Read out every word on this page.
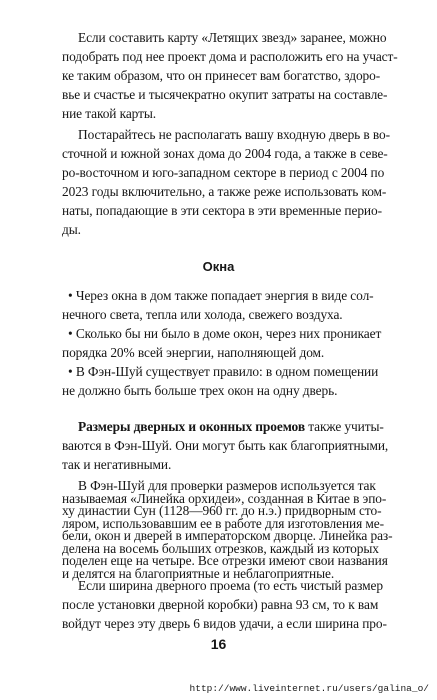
Если составить карту «Летящих звезд» заранее, можно
подобрать под нее проект дома и расположить его на участ-
ке таким образом, что он принесет вам богатство, здоро-
вье и счастье и тысячекратно окупит затраты на составле-
ние такой карты.
Постарайтесь не располагать вашу входную дверь в во-
сточной и южной зонах дома до 2004 года, а также в севе-
ро-восточном и юго-западном секторе в период с 2004 по
2023 годы включительно, а также реже использовать ком-
наты, попадающие в эти сектора в эти временные перио-
ды.
Окна
• Через окна в дом также попадает энергия в виде сол-
нечного света, тепла или холода, свежего воздуха.
• Сколько бы ни было в доме окон, через них проникает
порядка 20% всей энергии, наполняющей дом.
• В Фэн-Шуй существует правило: в одном помещении
не должно быть больше трех окон на одну дверь.
Размеры дверных и оконных проемов также учиты-
ваются в Фэн-Шуй. Они могут быть как благоприятными,
так и негативными.
В Фэн-Шуй для проверки размеров используется так
называемая «Линейка орхидеи», созданная в Китае в эпо-
ху династии Сун (1128—960 гг. до н.э.) придворным сто-
ляром, использовавшим ее в работе для изготовления ме-
бели, окон и дверей в императорском дворце. Линейка раз-
делена на восемь больших отрезков, каждый из которых
поделен еще на четыре. Все отрезки имеют свои названия
и делятся на благоприятные и неблагоприятные.
Если ширина дверного проема (то есть чистый размер
после установки дверной коробки) равна 93 см, то к вам
войдут через эту дверь 6 видов удачи, а если ширина про-
16
http://www.liveinternet.ru/users/galina_o/
